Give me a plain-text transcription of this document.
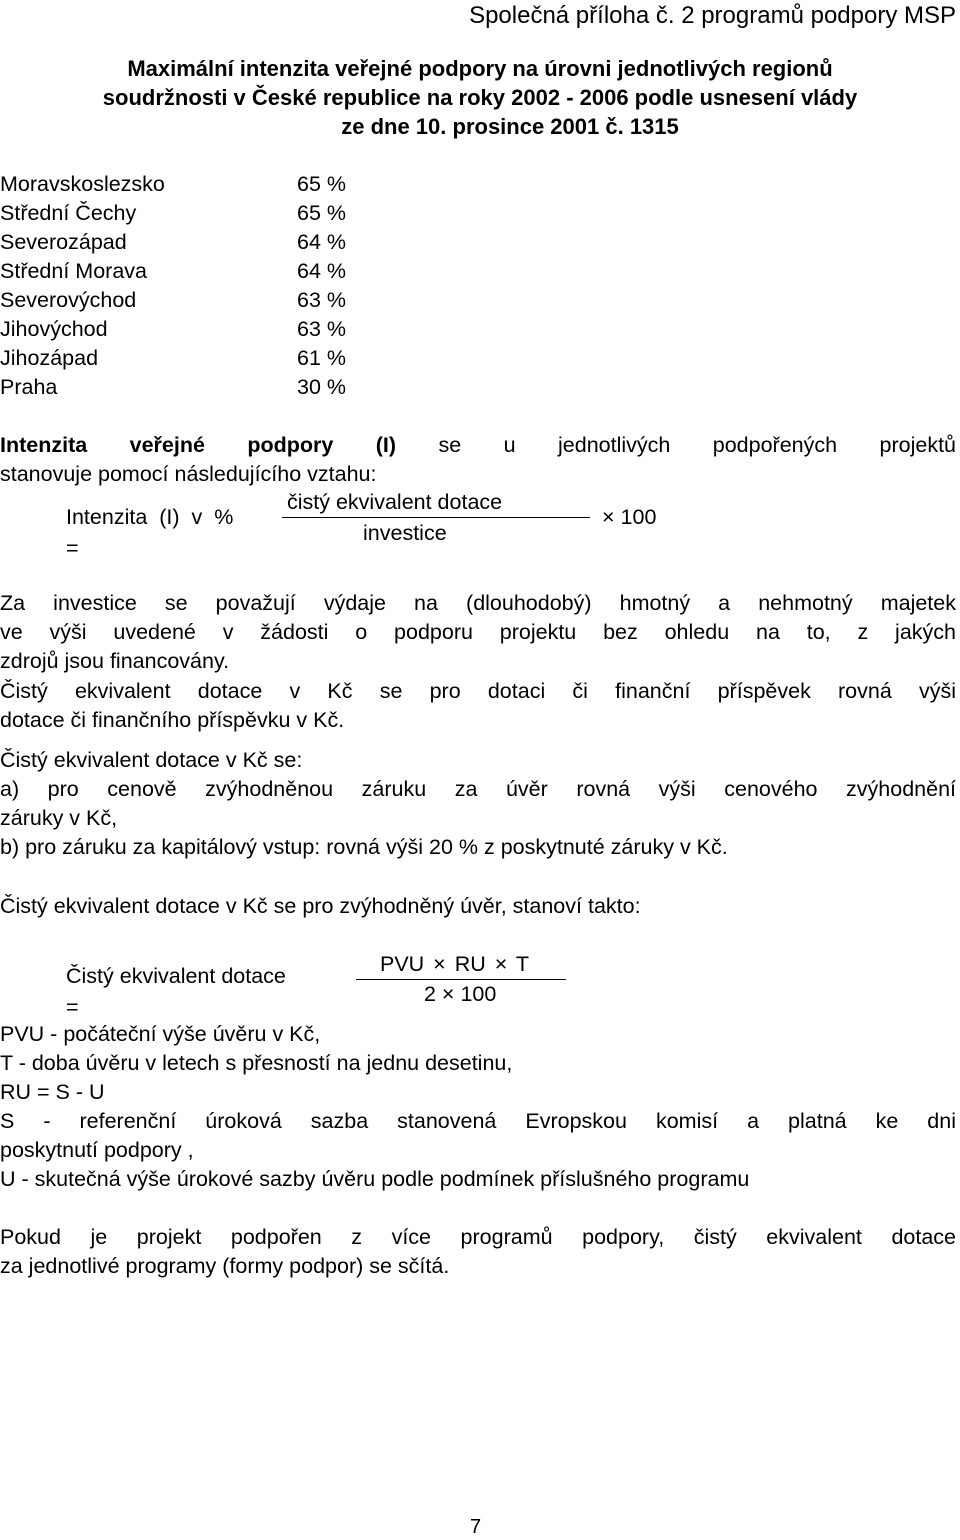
Společná příloha č. 2 programů podpory MSP
Maximální intenzita veřejné podpory na úrovni jednotlivých regionů
soudržnosti v České republice na roky 2002 - 2006 podle usnesení vlády
ze dne 10. prosince 2001 č. 1315
Moravskoslezsko	65 %
Střední Čechy	65 %
Severozápad	64 %
Střední Morava	64 %
Severovýchod	63 %
Jihovýchod	63 %
Jihozápad	61 %
Praha	30 %
Intenzita veřejné podpory (I) se u jednotlivých podpořených projektů
stanovuje pomocí následujícího vztahu:
Intenzita (I) v %
=
čistý ekvivalent dotace
investice
× 100
Za investice se považují výdaje na (dlouhodobý) hmotný a nehmotný majetek
ve výši uvedené v žádosti o podporu projektu bez ohledu na to, z jakých
zdrojů jsou financovány.
Čistý ekvivalent dotace v Kč se pro dotaci či finanční příspěvek rovná výši
dotace či finančního příspěvku v Kč.
Čistý ekvivalent dotace v Kč se:
a) pro cenově zvýhodněnou záruku za úvěr rovná výši cenového zvýhodnění
záruky v Kč,
b) pro záruku za kapitálový vstup: rovná výši 20 % z poskytnuté záruky v Kč.
Čistý ekvivalent dotace v Kč se pro zvýhodněný úvěr, stanoví takto:
Čistý ekvivalent dotace
=
PVU × RU × T
2 × 100
PVU - počáteční výše úvěru v Kč,
T - doba úvěru v letech s přesností na jednu desetinu,
RU = S - U
S - referenční úroková sazba stanovená Evropskou komisí a platná ke dni
poskytnutí podpory ,
U - skutečná výše úrokové sazby úvěru podle podmínek příslušného programu
Pokud je projekt podpořen z více programů podpory, čistý ekvivalent dotace
za jednotlivé programy (formy podpor) se sčítá.
7
